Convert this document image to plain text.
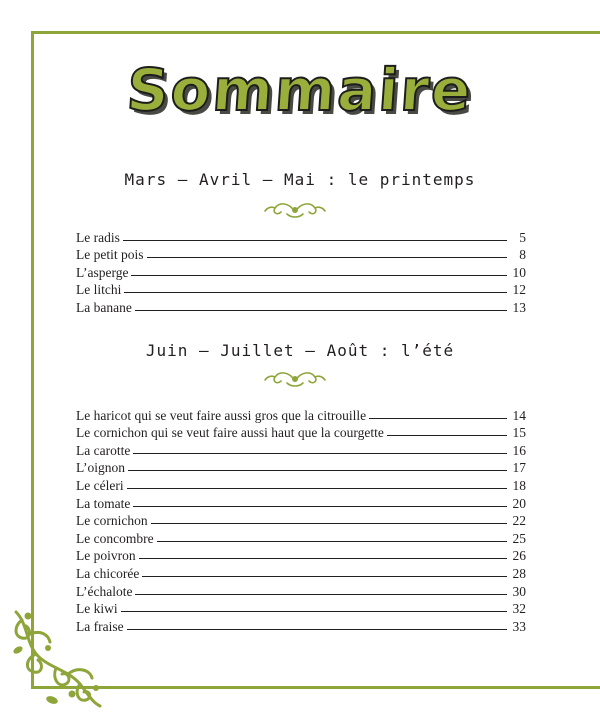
Sommaire
Mars – Avril – Mai : le printemps
Le radis	5
Le petit pois	8
L’asperge	10
Le litchi	12
La banane	13
Juin – Juillet – Août : l’été
Le haricot qui se veut faire aussi gros que la citrouille	14
Le cornichon qui se veut faire aussi haut que la courgette	15
La carotte	16
L’oignon	17
Le céleri	18
La tomate	20
Le cornichon	22
Le concombre	25
Le poivron	26
La chicorée	28
L’échalote	30
Le kiwi	32
La fraise	33
